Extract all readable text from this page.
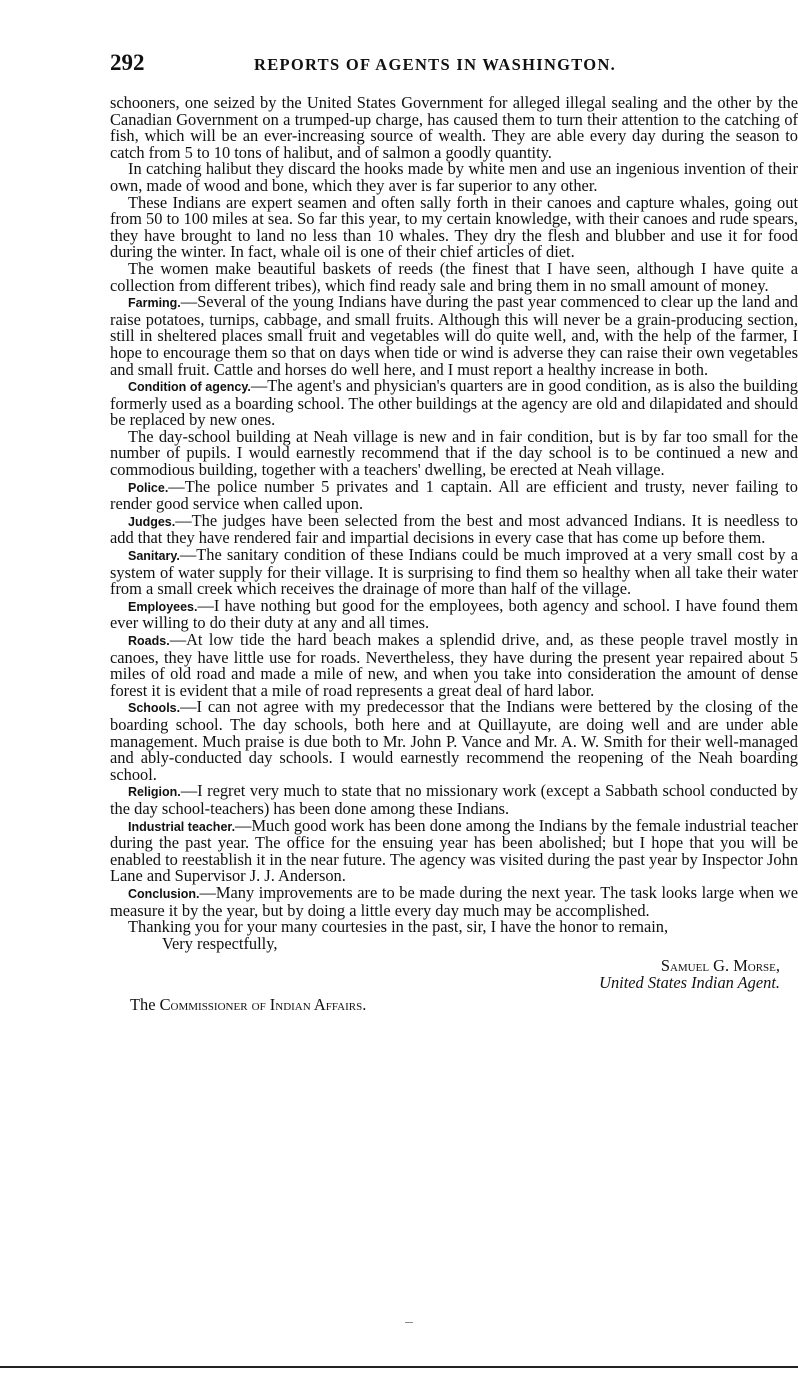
292	REPORTS OF AGENTS IN WASHINGTON.

schooners, one seized by the United States Government for alleged illegal sealing and the other by the Canadian Government on a trumped-up charge, has caused them to turn their attention to the catching of fish, which will be an ever-increasing source of wealth. They are able every day during the season to catch from 5 to 10 tons of halibut, and of salmon a goodly quantity.

In catching halibut they discard the hooks made by white men and use an ingenious invention of their own, made of wood and bone, which they aver is far superior to any other.

These Indians are expert seamen and often sally forth in their canoes and capture whales, going out from 50 to 100 miles at sea. So far this year, to my certain knowledge, with their canoes and rude spears, they have brought to land no less than 10 whales. They dry the flesh and blubber and use it for food during the winter. In fact, whale oil is one of their chief articles of diet.

The women make beautiful baskets of reeds (the finest that I have seen, although I have quite a collection from different tribes), which find ready sale and bring them in no small amount of money.

Farming.—Several of the young Indians have during the past year commenced to clear up the land and raise potatoes, turnips, cabbage, and small fruits. Although this will never be a grain-producing section, still in sheltered places small fruit and vegetables will do quite well, and, with the help of the farmer, I hope to encourage them so that on days when tide or wind is adverse they can raise their own vegetables and small fruit. Cattle and horses do well here, and I must report a healthy increase in both.

Condition of agency.—The agent's and physician's quarters are in good condition, as is also the building formerly used as a boarding school. The other buildings at the agency are old and dilapidated and should be replaced by new ones.

The day-school building at Neah village is new and in fair condition, but is by far too small for the number of pupils. I would earnestly recommend that if the day school is to be continued a new and commodious building, together with a teachers' dwelling, be erected at Neah village.

Police.—The police number 5 privates and 1 captain. All are efficient and trusty, never failing to render good service when called upon.

Judges.—The judges have been selected from the best and most advanced Indians. It is needless to add that they have rendered fair and impartial decisions in every case that has come up before them.

Sanitary.—The sanitary condition of these Indians could be much improved at a very small cost by a system of water supply for their village. It is surprising to find them so healthy when all take their water from a small creek which receives the drainage of more than half of the village.

Employees.—I have nothing but good for the employees, both agency and school. I have found them ever willing to do their duty at any and all times.

Roads.—At low tide the hard beach makes a splendid drive, and, as these people travel mostly in canoes, they have little use for roads. Nevertheless, they have during the present year repaired about 5 miles of old road and made a mile of new, and when you take into consideration the amount of dense forest it is evident that a mile of road represents a great deal of hard labor.

Schools.—I can not agree with my predecessor that the Indians were bettered by the closing of the boarding school. The day schools, both here and at Quillayute, are doing well and are under able management. Much praise is due both to Mr. John P. Vance and Mr. A. W. Smith for their well-managed and ably-conducted day schools. I would earnestly recommend the reopening of the Neah boarding school.

Religion.—I regret very much to state that no missionary work (except a Sabbath school conducted by the day school-teachers) has been done among these Indians.

Industrial teacher.—Much good work has been done among the Indians by the female industrial teacher during the past year. The office for the ensuing year has been abolished; but I hope that you will be enabled to reestablish it in the near future. The agency was visited during the past year by Inspector John Lane and Supervisor J. J. Anderson.

Conclusion.—Many improvements are to be made during the next year. The task looks large when we measure it by the year, but by doing a little every day much may be accomplished.

Thanking you for your many courtesies in the past, sir, I have the honor to remain,

Very respectfully,
Samuel G. Morse,
United States Indian Agent.
The Commissioner of Indian Affairs.
